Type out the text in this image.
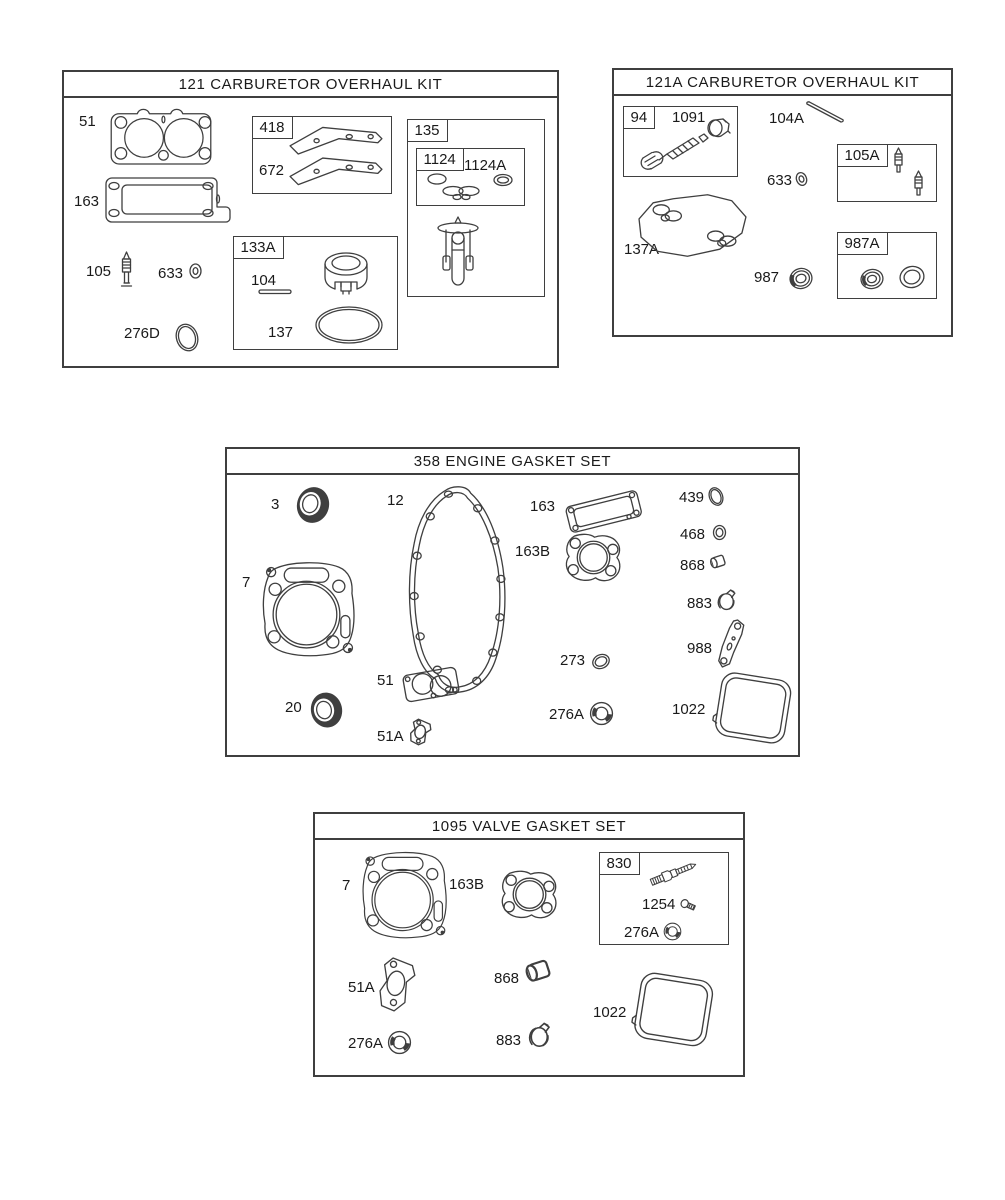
121 CARBURETOR OVERHAUL KIT
51
163
105	633
276D
418
672
133A
104
137
135
1124 1124A
121A CARBURETOR OVERHAUL KIT
94	1091	104A
633
137A
987
105A
987A
358 ENGINE GASKET SET
3	12
7
163
163B
439
468
868
883
988
273
51
20	276A
51A
1022
1095 VALVE GASKET SET
7	163B
51A
276A
868
883
830
1254
276A
1022
